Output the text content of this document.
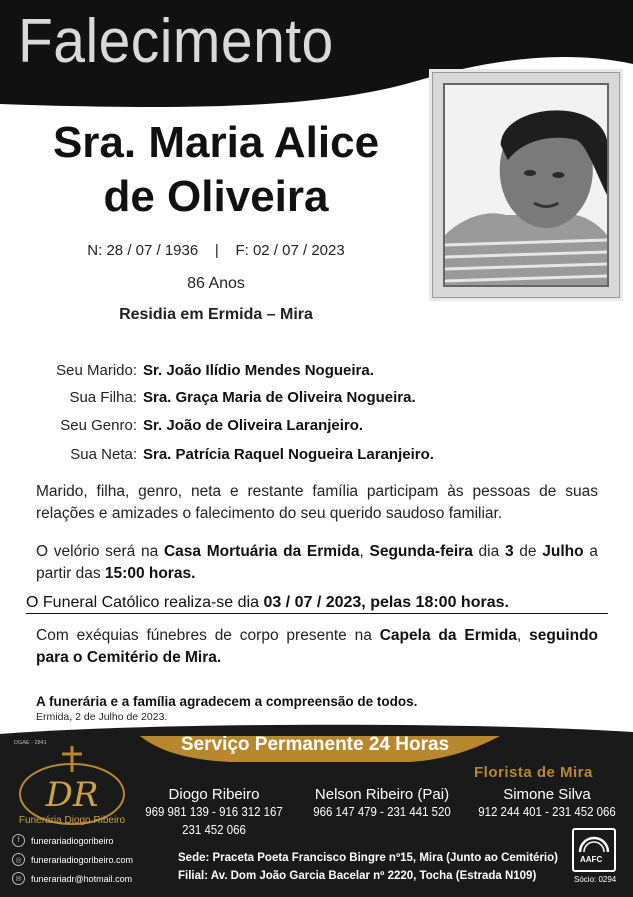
Falecimento
Sra. Maria Alice
de Oliveira
N: 28 / 07 / 1936    |    F: 02 / 07 / 2023
86 Anos
Residia em Ermida – Mira
Seu Marido: Sr. João Ilídio Mendes Nogueira.
Sua Filha: Sra. Graça Maria de Oliveira Nogueira.
Seu Genro: Sr. João de Oliveira Laranjeiro.
Sua Neta: Sra. Patrícia Raquel Nogueira Laranjeiro.
Marido, filha, genro, neta e restante família participam às pessoas de suas relações e amizades o falecimento do seu querido saudoso familiar.
O velório será na Casa Mortuária da Ermida, Segunda-feira dia 3 de Julho a partir das 15:00 horas.
O Funeral Católico realiza-se dia 03 / 07 / 2023, pelas 18:00 horas.
Com exéquias fúnebres de corpo presente na Capela da Ermida, seguindo para o Cemitério de Mira.
A funerária e a família agradecem a compreensão de todos.
Ermida, 2 de Julho de 2023.
DGAE - 2841	Serviço Permanente 24 Horas
DR
Funerária Diogo Ribeiro
Florista de Mira
Diogo Ribeiro
969 981 139 - 916 312 167
231 452 066
Nelson Ribeiro (Pai)
966 147 479 - 231 441 520
Simone Silva
912 244 401 - 231 452 066
f	funerariadiogoribeiro
◎	funerariadiogoribeiro.com
✉	funerariadr@hotmail.com
Sede: Praceta Poeta Francisco Bingre nº15, Mira (Junto ao Cemitério)
Filial: Av. Dom João Garcia Bacelar nº 2220, Tocha (Estrada N109)
AAFC
Sócio: 0294
